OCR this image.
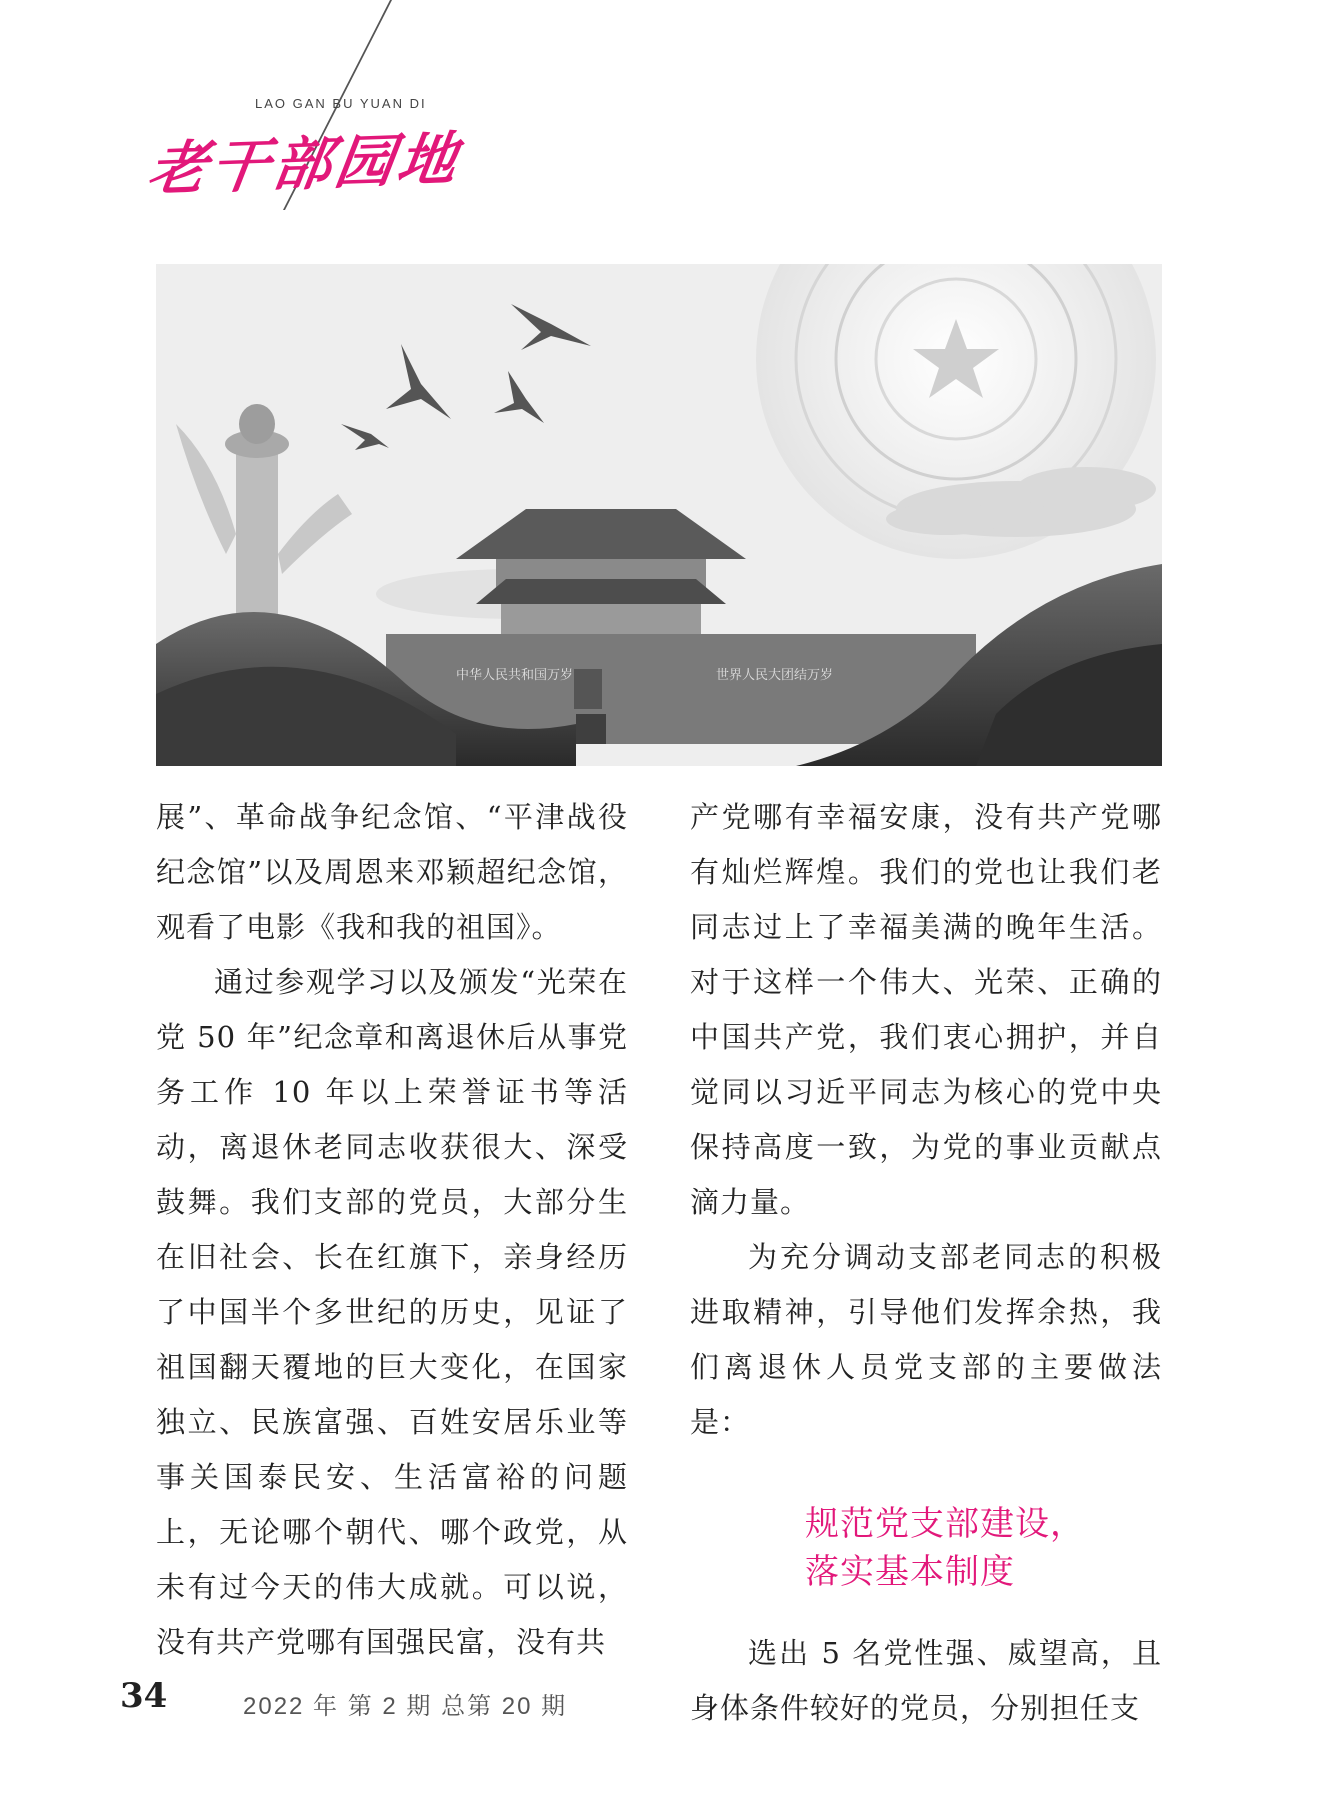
LAO GAN BU YUAN DI
老干部园地
中华人民共和国万岁	世界人民大团结万岁

展”、革命战争纪念馆、“平津战役纪念馆”以及周恩来邓颖超纪念馆，观看了电影《我和我的祖国》。

通过参观学习以及颁发“光荣在党 50 年”纪念章和离退休后从事党务工作 10 年以上荣誉证书等活动，离退休老同志收获很大、深受鼓舞。我们支部的党员，大部分生在旧社会、长在红旗下，亲身经历了中国半个多世纪的历史，见证了祖国翻天覆地的巨大变化，在国家独立、民族富强、百姓安居乐业等事关国泰民安、生活富裕的问题上，无论哪个朝代、哪个政党，从未有过今天的伟大成就。可以说，没有共产党哪有国强民富，没有共

产党哪有幸福安康，没有共产党哪有灿烂辉煌。我们的党也让我们老同志过上了幸福美满的晚年生活。对于这样一个伟大、光荣、正确的中国共产党，我们衷心拥护，并自觉同以习近平同志为核心的党中央保持高度一致，为党的事业贡献点滴力量。

为充分调动支部老同志的积极进取精神，引导他们发挥余热，我们离退休人员党支部的主要做法是：

规范党支部建设，
落实基本制度

选出 5 名党性强、威望高，且身体条件较好的党员，分别担任支

34	2022 年 第 2 期 总第 20 期
